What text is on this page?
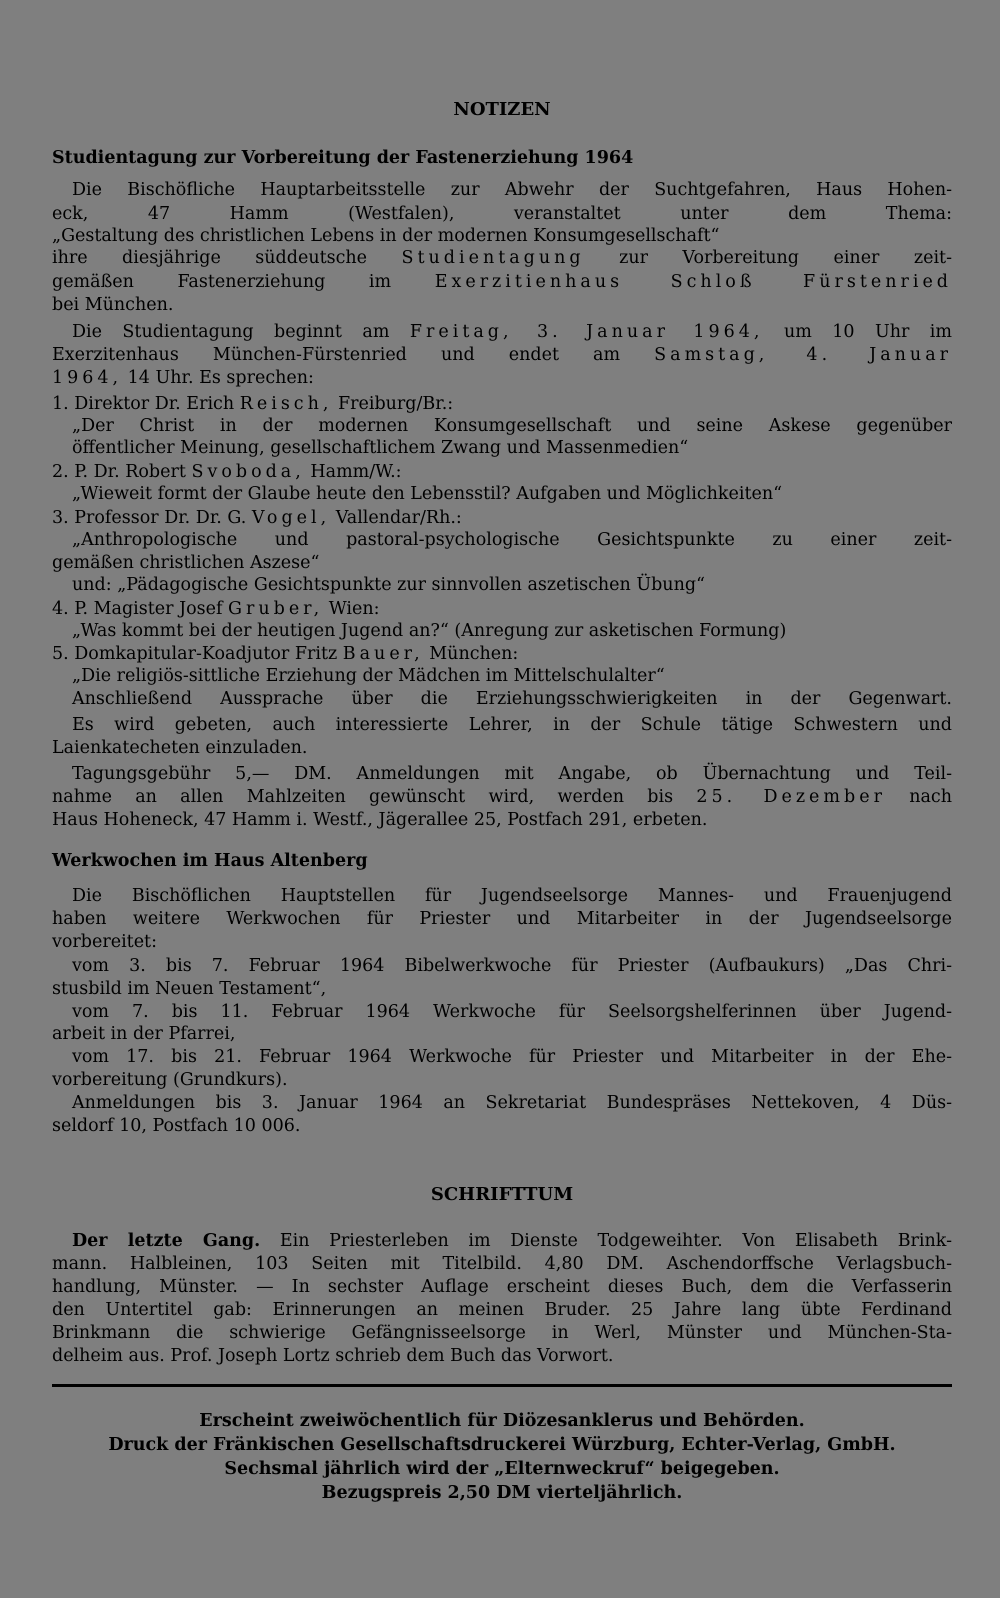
NOTIZEN
Studientagung zur Vorbereitung der Fastenerziehung 1964
Die Bischöfliche Hauptarbeitsstelle zur Abwehr der Suchtgefahren, Haus Hohen-
eck, 47 Hamm (Westfalen), veranstaltet unter dem Thema:
„Gestaltung des christlichen Lebens in der modernen Konsumgesellschaft“
ihre diesjährige süddeutsche Studientagung zur Vorbereitung einer zeit-
gemäßen Fastenerziehung im Exerzitienhaus Schloß Fürstenried
bei München.
Die Studientagung beginnt am Freitag, 3. Januar 1964, um 10 Uhr im
Exerzitenhaus München-Fürstenried und endet am Samstag, 4. Januar
1964, 14 Uhr. Es sprechen:
1. Direktor Dr. Erich Reisch, Freiburg/Br.:
„Der Christ in der modernen Konsumgesellschaft und seine Askese gegenüber
öffentlicher Meinung, gesellschaftlichem Zwang und Massenmedien“
2. P. Dr. Robert Svoboda, Hamm/W.:
„Wieweit formt der Glaube heute den Lebensstil? Aufgaben und Möglichkeiten“
3. Professor Dr. Dr. G. Vogel, Vallendar/Rh.:
„Anthropologische und pastoral-psychologische Gesichtspunkte zu einer zeit-
gemäßen christlichen Aszese“
und: „Pädagogische Gesichtspunkte zur sinnvollen aszetischen Übung“
4. P. Magister Josef Gruber, Wien:
„Was kommt bei der heutigen Jugend an?“ (Anregung zur asketischen Formung)
5. Domkapitular-Koadjutor Fritz Bauer, München:
„Die religiös-sittliche Erziehung der Mädchen im Mittelschulalter“
Anschließend Aussprache über die Erziehungsschwierigkeiten in der Gegenwart.
Es wird gebeten, auch interessierte Lehrer, in der Schule tätige Schwestern und
Laienkatecheten einzuladen.
Tagungsgebühr 5,— DM. Anmeldungen mit Angabe, ob Übernachtung und Teil-
nahme an allen Mahlzeiten gewünscht wird, werden bis 25. Dezember nach
Haus Hoheneck, 47 Hamm i. Westf., Jägerallee 25, Postfach 291, erbeten.
Werkwochen im Haus Altenberg
Die Bischöflichen Hauptstellen für Jugendseelsorge Mannes- und Frauenjugend
haben weitere Werkwochen für Priester und Mitarbeiter in der Jugendseelsorge
vorbereitet:
vom 3. bis 7. Februar 1964 Bibelwerkwoche für Priester (Aufbaukurs) „Das Chri-
stusbild im Neuen Testament“,
vom 7. bis 11. Februar 1964 Werkwoche für Seelsorgshelferinnen über Jugend-
arbeit in der Pfarrei,
vom 17. bis 21. Februar 1964 Werkwoche für Priester und Mitarbeiter in der Ehe-
vorbereitung (Grundkurs).
Anmeldungen bis 3. Januar 1964 an Sekretariat Bundespräses Nettekoven, 4 Düs-
seldorf 10, Postfach 10 006.
SCHRIFTTUM
Der letzte Gang. Ein Priesterleben im Dienste Todgeweihter. Von Elisabeth Brink-
mann. Halbleinen, 103 Seiten mit Titelbild. 4,80 DM. Aschendorffsche Verlagsbuch-
handlung, Münster. — In sechster Auflage erscheint dieses Buch, dem die Verfasserin
den Untertitel gab: Erinnerungen an meinen Bruder. 25 Jahre lang übte Ferdinand
Brinkmann die schwierige Gefängnisseelsorge in Werl, Münster und München-Sta-
delheim aus. Prof. Joseph Lortz schrieb dem Buch das Vorwort.
Erscheint zweiwöchentlich für Diözesanklerus und Behörden.
Druck der Fränkischen Gesellschaftsdruckerei Würzburg, Echter-Verlag, GmbH.
Sechsmal jährlich wird der „Elternweckruf“ beigegeben.
Bezugspreis 2,50 DM vierteljährlich.
